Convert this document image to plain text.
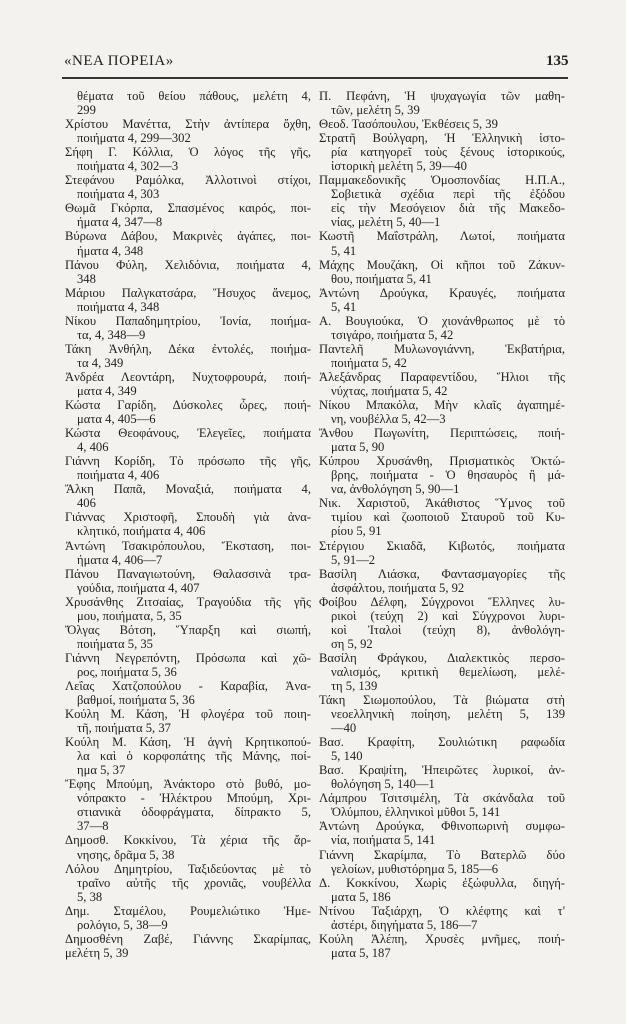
«ΝΕΑ ΠΟΡΕΙΑ»	135
θέματα τοῦ θείου πάθους, μελέτη 4,
299
Χρίστου Μανέττα, Στὴν ἀντίπερα ὄχθη,
ποιήματα 4, 299—302
Σήφη Γ. Κόλλια, Ὁ λόγος τῆς γῆς,
ποιήματα 4, 302—3
Στεφάνου Ραμόλκα, Ἀλλοτινοὶ στίχοι,
ποιήματα 4, 303
Θωμᾶ Γκόρπα, Σπασμένος καιρός, ποι-
ήματα 4, 347—8
Βύρωνα Δάβου, Μακρινὲς ἀγάπες, ποι-
ήματα 4, 348
Πάνου Φύλη, Χελιδόνια, ποιήματα 4,
348
Μάριου Παλγκατσάρα, Ἥσυχος ἄνεμος,
ποιήματα 4, 348
Νίκου Παπαδημητρίου, Ἰονία, ποιήμα-
τα, 4, 348—9
Τάκη Ἀνθήλη, Δέκα ἐντολές, ποιήμα-
τα 4, 349
Ἀνδρέα Λεοντάρη, Νυχτοφρουρά, ποιή-
ματα 4, 349
Κώστα Γαρίδη, Δύσκολες ὧρες, ποιή-
ματα 4, 405—6
Κώστα Θεοφάνους, Ἐλεγεῖες, ποιήματα
4, 406
Γιάννη Κορίδη, Τὸ πρόσωπο τῆς γῆς,
ποιήματα 4, 406
Ἄλκη Παπᾶ, Μοναξιά, ποιήματα 4,
406
Γιάννας Χριστοφῆ, Σπουδὴ γιὰ ἀνα-
κλητικό, ποιήματα 4, 406
Ἀντώνη Τσακιρόπουλου, Ἔκσταση, ποι-
ήματα 4, 406—7
Πάνου Παναγιωτούνη, Θαλασσινὰ τρα-
γούδια, ποιήματα 4, 407
Χρυσάνθης Ζιτσαίας, Τραγούδια τῆς γῆς
μου, ποιήματα, 5, 35
Ὄλγας Βότση, Ὕπαρξη καὶ σιωπή,
ποιήματα 5, 35
Γιάννη Νεγρεπόντη, Πρόσωπα καὶ χῶ-
ρος, ποιήματα 5, 36
Λεΐας Χατζοπούλου - Καραβία, Ἀνα-
βαθμοί, ποιήματα 5, 36
Κούλη Μ. Κάση, Ἡ φλογέρα τοῦ ποιη-
τῆ, ποιήματα 5, 37
Κούλη Μ. Κάση, Ἡ ἁγνὴ Κρητικοπού-
λα καὶ ὁ κορφοπάτης τῆς Μάνης, ποί-
ημα 5, 37
Ἔφης Μπούμη, Ἀνάκτορο στὸ βυθό, μο-
νόπρακτο - Ἠλέκτρου Μπούμη, Χρι-
στιανικὰ ὁδοφράγματα, δίπρακτο 5,
37—8
Δημοσθ. Κοκκίνου, Τὰ χέρια τῆς ἄρ-
νησης, δρᾶμα 5, 38
Λόλου Δημητρίου, Ταξιδεύοντας μὲ τὸ
τραῖνο αὐτῆς τῆς χρονιᾶς, νουβέλλα
5, 38
Δημ. Σταμέλου, Ρουμελιώτικο Ἡμε-
ρολόγιο, 5, 38—9
Δημοσθένη Ζαβέ, Γιάννης Σκαρίμπας,
μελέτη 5, 39
Π. Πεφάνη, Ἡ ψυχαγωγία τῶν μαθη-
τῶν, μελέτη 5, 39
Θεοδ. Τασόπουλου, Ἐκθέσεις 5, 39
Στρατῆ Βούλγαρη, Ἡ Ἑλληνικὴ ἱστο-
ρία κατηγορεῖ τοὺς ξένους ἱστορικούς,
ἱστορικὴ μελέτη 5, 39—40
Παμμακεδονικῆς Ὁμοσπονδίας Η.Π.Α.,
Σοβιετικὰ σχέδια περὶ τῆς ἐξόδου
εἰς τὴν Μεσόγειον διὰ τῆς Μακεδο-
νίας, μελέτη 5, 40—1
Κωστῆ Μαΐστράλη, Λωτοί, ποιήματα
5, 41
Μάχης Μουζάκη, Οἱ κῆποι τοῦ Ζάκυν-
θου, ποιήματα 5, 41
Ἀντώνη Δρούγκα, Κραυγές, ποιήματα
5, 41
Α. Βουγιούκα, Ὁ χιονάνθρωπος μὲ τὸ
τσιγάρο, ποιήματα 5, 42
Παντελῆ Μυλωνογιάννη, Ἐκβατήρια,
ποιήματα 5, 42
Ἀλεξάνδρας Παραφεντίδου, Ἥλιοι τῆς
νύχτας, ποιήματα 5, 42
Νίκου Μπακόλα, Μὴν κλαῖς ἀγαπημέ-
νη, νουβέλλα 5, 42—3
Ἄνθου Πωγωνίτη, Περιπτώσεις, ποιή-
ματα 5, 90
Κύπρου Χρυσάνθη, Πρισματικὸς Ὀκτώ-
βρης, ποιήματα - Ὁ θησαυρὸς ἢ μά-
να, ἀνθολόγηση 5, 90—1
Νικ. Χαριστοῦ, Ἀκάθιστος Ὕμνος τοῦ
τιμίου καὶ ζωοποιοῦ Σταυροῦ τοῦ Κυ-
ρίου 5, 91
Στέργιου Σκιαδᾶ, Κιβωτός, ποιήματα
5, 91—2
Βασίλη Λιάσκα, Φαντασμαγορίες τῆς
ἀσφάλτου, ποιήματα 5, 92
Φοίβου Δέλφη, Σύγχρονοι Ἕλληνες λυ-
ρικοὶ (τεύχη 2) καὶ Σύγχρονοι λυρι-
κοὶ Ἰταλοὶ (τεύχη 8), ἀνθολόγη-
ση 5, 92
Βασίλη Φράγκου, Διαλεκτικὸς περσο-
ναλισμός, κριτικὴ θεμελίωση, μελέ-
τη 5, 139
Τάκη Σιωμοπούλου, Τὰ βιώματα στὴ
νεοελληνικὴ ποίηση, μελέτη 5, 139
—40
Βασ. Κραφίτη, Σουλιώτικη ραφωδία
5, 140
Βασ. Κραψίτη, Ἠπειρῶτες λυρικοί, ἀν-
θολόγηση 5, 140—1
Λάμπρου Τσιτσιμέλη, Τὰ σκάνδαλα τοῦ
Ὀλύμπου, ἑλληνικοὶ μῦθοι 5, 141
Ἀντώνη Δρούγκα, Φθινοπωρινὴ συμφω-
νία, ποιήματα 5, 141
Γιάννη Σκαρίμπα, Τὸ Βατερλῶ δύο
γελοίων, μυθιστόρημα 5, 185—6
Δ. Κοκκίνου, Χωρὶς ἐξώφυλλα, διηγή-
ματα 5, 186
Ντίνου Ταξιάρχη, Ὁ κλέφτης καὶ τ'
ἀστέρι, διηγήματα 5, 186—7
Κούλη Ἀλέπη, Χρυσὲς μνῆμες, ποιή-
ματα 5, 187
